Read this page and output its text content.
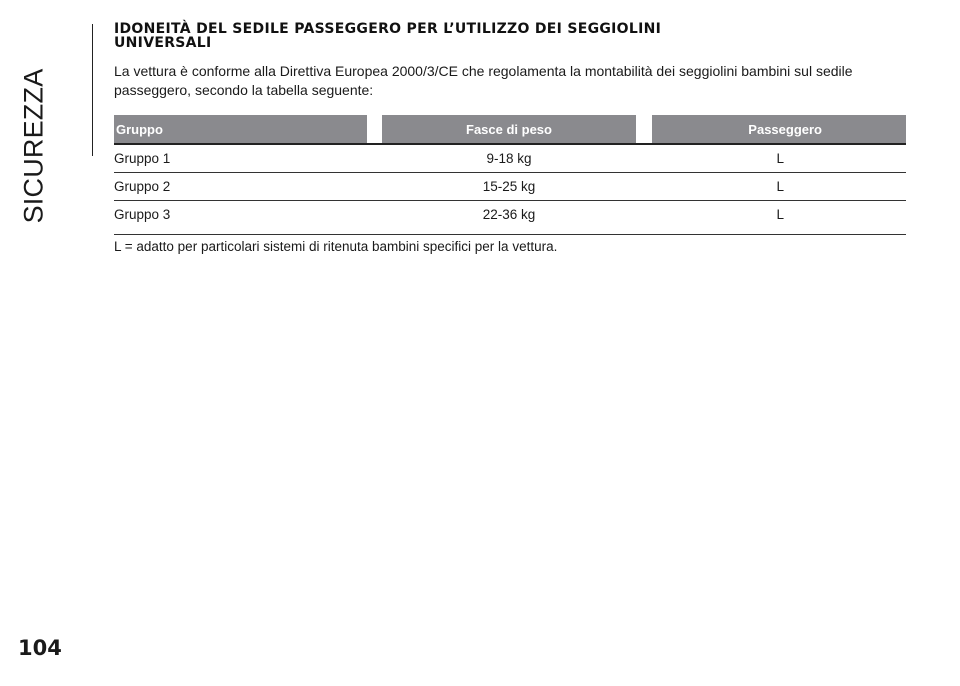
SICUREZZA
IDONEITÀ DEL SEDILE PASSEGGERO PER L’UTILIZZO DEI SEGGIOLINI
UNIVERSALI

La vettura è conforme alla Direttiva Europea 2000/3/CE che regolamenta la montabilità dei seggiolini bambini sul sedile
passeggero, secondo la tabella seguente:

Gruppo	Fasce di peso	Passeggero
Gruppo 1	9-18 kg	L
Gruppo 2	15-25 kg	L
Gruppo 3	22-36 kg	L

L = adatto per particolari sistemi di ritenuta bambini specifici per la vettura.

104
